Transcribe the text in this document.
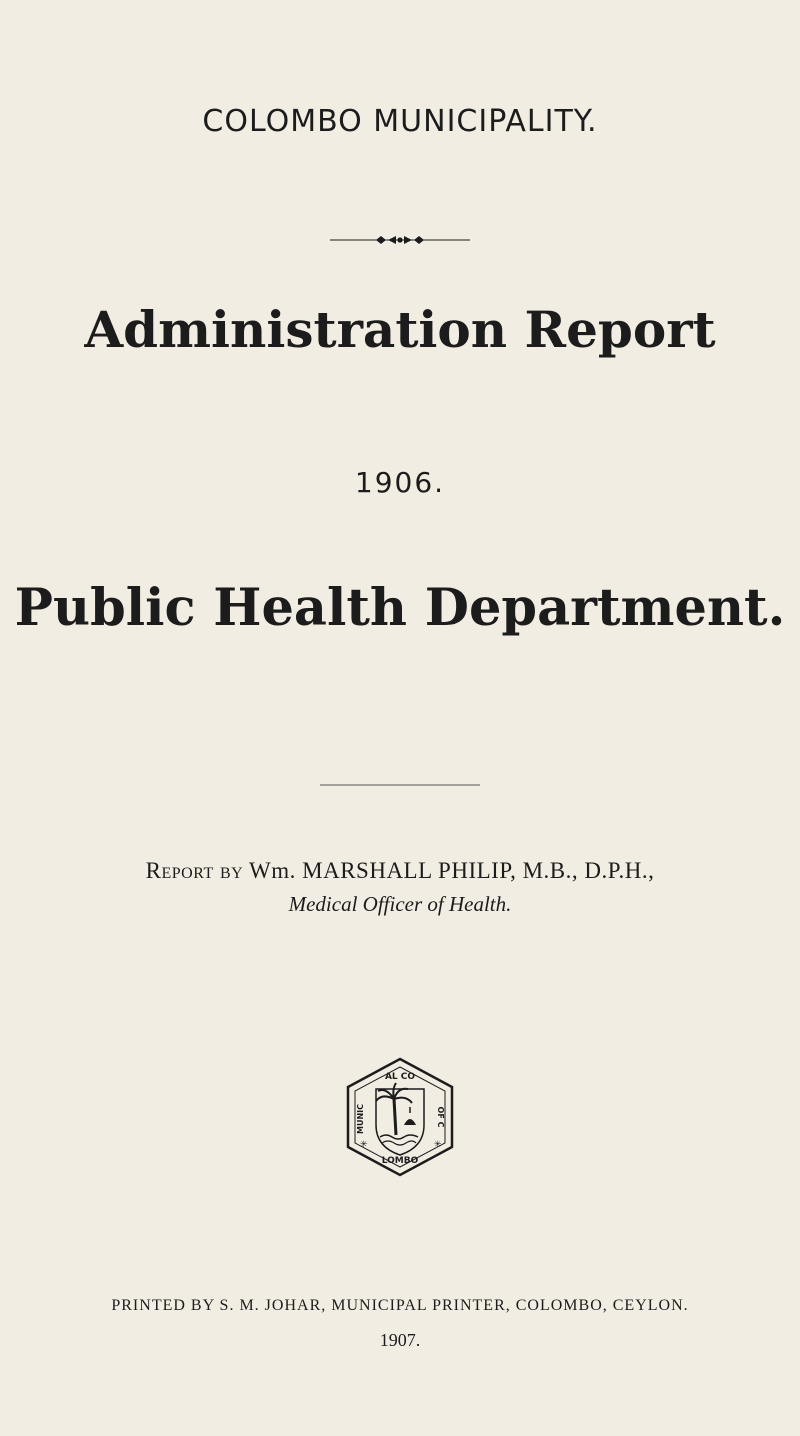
COLOMBO MUNICIPALITY.
Administration Report
1906.
Public Health Department.
Report by Wm. MARSHALL PHILIP, M.B., D.P.H.,
Medical Officer of Health.
AL CO
MUNIC	OF C
LOMBO
✳	✳
PRINTED BY S. M. JOHAR, MUNICIPAL PRINTER, COLOMBO, CEYLON.
1907.
